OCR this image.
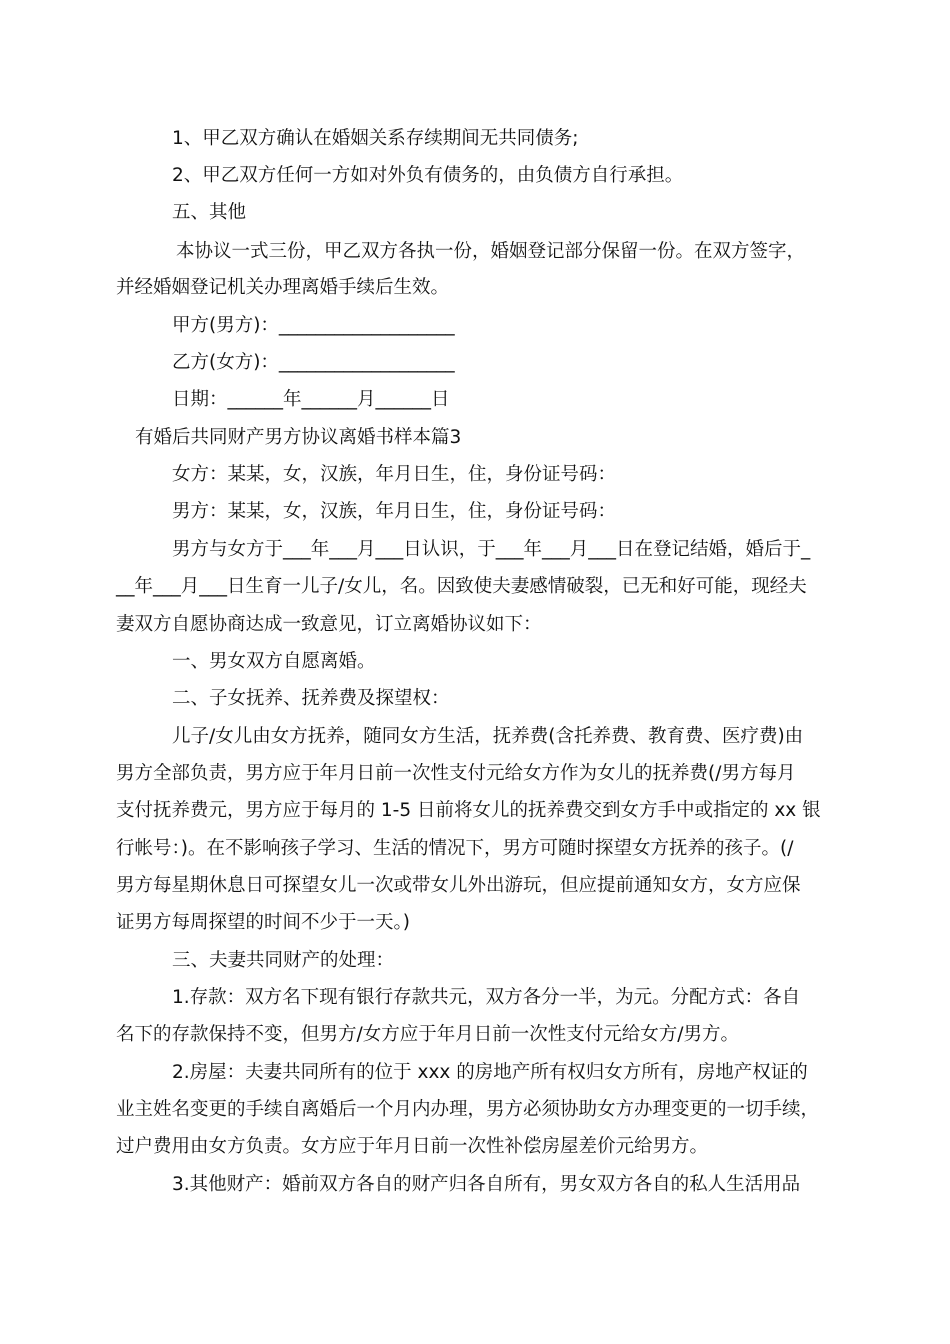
1、甲乙双方确认在婚姻关系存续期间无共同债务;
2、甲乙双方任何一方如对外负有债务的，由负债方自行承担。
五、其他
本协议一式三份，甲乙双方各执一份，婚姻登记部分保留一份。在双方签字，
并经婚姻登记机关办理离婚手续后生效。
甲方(男方)：___________________
乙方(女方)：___________________
日期：______年______月______日
有婚后共同财产男方协议离婚书样本篇3
女方：某某，女，汉族，年月日生，住，身份证号码：
男方：某某，女，汉族，年月日生，住，身份证号码：
男方与女方于___年___月___日认识，于___年___月___日在登记结婚，婚后于_
__年___月___日生育一儿子/女儿，名。因致使夫妻感情破裂，已无和好可能，现经夫
妻双方自愿协商达成一致意见，订立离婚协议如下：
一、男女双方自愿离婚。
二、子女抚养、抚养费及探望权：
儿子/女儿由女方抚养，随同女方生活，抚养费(含托养费、教育费、医疗费)由
男方全部负责，男方应于年月日前一次性支付元给女方作为女儿的抚养费(/男方每月
支付抚养费元，男方应于每月的 1-5 日前将女儿的抚养费交到女方手中或指定的 xx 银
行帐号：)。在不影响孩子学习、生活的情况下，男方可随时探望女方抚养的孩子。(/
男方每星期休息日可探望女儿一次或带女儿外出游玩，但应提前通知女方，女方应保
证男方每周探望的时间不少于一天。)
三、夫妻共同财产的处理：
1.存款：双方名下现有银行存款共元，双方各分一半，为元。分配方式：各自
名下的存款保持不变，但男方/女方应于年月日前一次性支付元给女方/男方。
2.房屋：夫妻共同所有的位于 xxx 的房地产所有权归女方所有，房地产权证的
业主姓名变更的手续自离婚后一个月内办理，男方必须协助女方办理变更的一切手续，
过户费用由女方负责。女方应于年月日前一次性补偿房屋差价元给男方。
3.其他财产：婚前双方各自的财产归各自所有，男女双方各自的私人生活用品
